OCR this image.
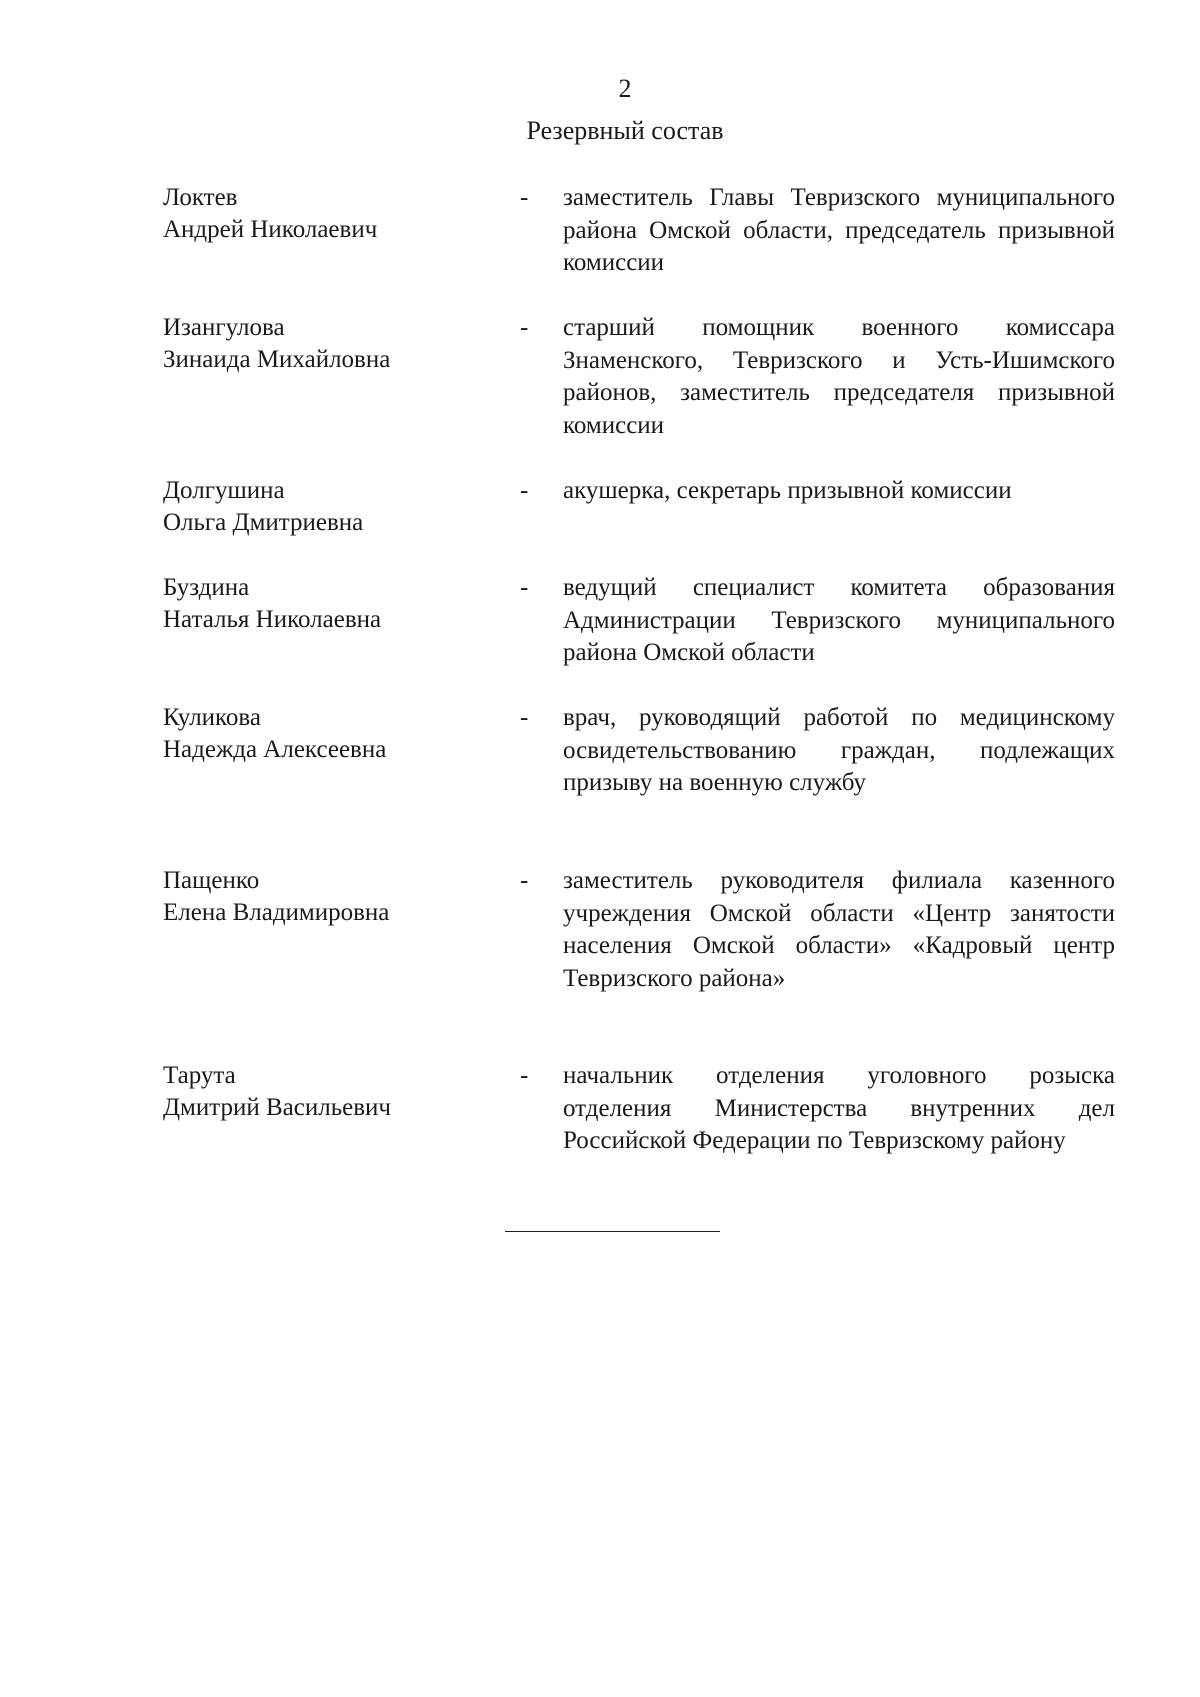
2
Резервный состав
Локтев
Андрей Николаевич
- заместитель Главы Тевризского муниципального района Омской области, председатель призывной комиссии
Изангулова
Зинаида Михайловна
- старший помощник военного комиссара Знаменского, Тевризского и Усть-Ишимского районов, заместитель председателя призывной комиссии
Долгушина
Ольга Дмитриевна
- акушерка, секретарь призывной комиссии
Буздина
Наталья Николаевна
- ведущий специалист комитета образования Администрации Тевризского муниципального района Омской области
Куликова
Надежда Алексеевна
- врач, руководящий работой по медицинскому освидетельствованию граждан, подлежащих призыву на военную службу
Пащенко
Елена Владимировна
- заместитель руководителя филиала казенного учреждения Омской области «Центр занятости населения Омской области» «Кадровый центр Тевризского района»
Тарута
Дмитрий Васильевич
- начальник отделения уголовного розыска отделения Министерства внутренних дел Российской Федерации по Тевризскому району
